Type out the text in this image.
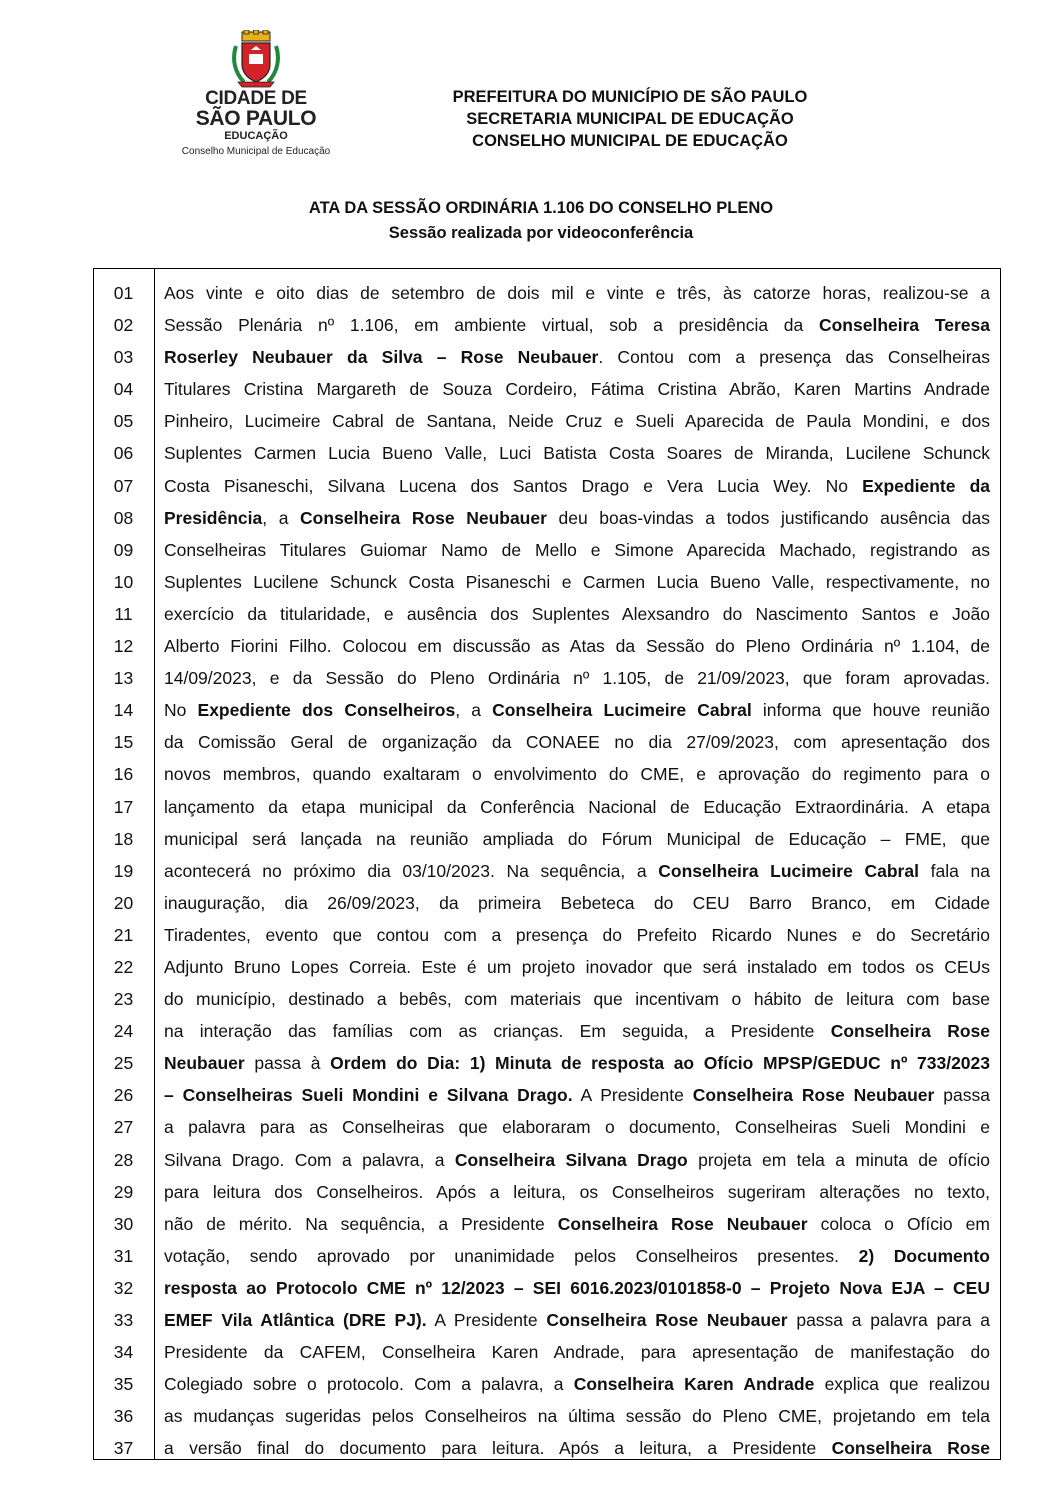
CIDADE DE
SÃO PAULO
EDUCAÇÃO
Conselho Municipal de Educação
PREFEITURA DO MUNICÍPIO DE SÃO PAULO
SECRETARIA MUNICIPAL DE EDUCAÇÃO
CONSELHO MUNICIPAL DE EDUCAÇÃO
ATA DA SESSÃO ORDINÁRIA 1.106 DO CONSELHO PLENO
Sessão realizada por videoconferência
01
02
03
04
05
06
07
08
09
10
11
12
13
14
15
16
17
18
19
20
21
22
23
24
25
26
27
28
29
30
31
32
33
34
35
36
37
Aos vinte e oito dias de setembro de dois mil e vinte e três, às catorze horas, realizou-se a
Sessão Plenária nº 1.106, em ambiente virtual, sob a presidência da Conselheira Teresa
Roserley Neubauer da Silva – Rose Neubauer. Contou com a presença das Conselheiras
Titulares Cristina Margareth de Souza Cordeiro, Fátima Cristina Abrão, Karen Martins Andrade
Pinheiro, Lucimeire Cabral de Santana, Neide Cruz e Sueli Aparecida de Paula Mondini, e dos
Suplentes Carmen Lucia Bueno Valle, Luci Batista Costa Soares de Miranda, Lucilene Schunck
Costa Pisaneschi, Silvana Lucena dos Santos Drago e Vera Lucia Wey. No Expediente da
Presidência, a Conselheira Rose Neubauer deu boas-vindas a todos justificando ausência das
Conselheiras Titulares Guiomar Namo de Mello e Simone Aparecida Machado, registrando as
Suplentes Lucilene Schunck Costa Pisaneschi e Carmen Lucia Bueno Valle, respectivamente, no
exercício da titularidade, e ausência dos Suplentes Alexsandro do Nascimento Santos e João
Alberto Fiorini Filho. Colocou em discussão as Atas da Sessão do Pleno Ordinária nº 1.104, de
14/09/2023, e da Sessão do Pleno Ordinária nº 1.105, de 21/09/2023, que foram aprovadas.
No Expediente dos Conselheiros, a Conselheira Lucimeire Cabral informa que houve reunião
da Comissão Geral de organização da CONAEE no dia 27/09/2023, com apresentação dos
novos membros, quando exaltaram o envolvimento do CME, e aprovação do regimento para o
lançamento da etapa municipal da Conferência Nacional de Educação Extraordinária. A etapa
municipal será lançada na reunião ampliada do Fórum Municipal de Educação – FME, que
acontecerá no próximo dia 03/10/2023. Na sequência, a Conselheira Lucimeire Cabral fala na
inauguração, dia 26/09/2023, da primeira Bebeteca do CEU Barro Branco, em Cidade
Tiradentes, evento que contou com a presença do Prefeito Ricardo Nunes e do Secretário
Adjunto Bruno Lopes Correia. Este é um projeto inovador que será instalado em todos os CEUs
do município, destinado a bebês, com materiais que incentivam o hábito de leitura com base
na interação das famílias com as crianças. Em seguida, a Presidente Conselheira Rose
Neubauer passa à Ordem do Dia: 1) Minuta de resposta ao Ofício MPSP/GEDUC nº 733/2023
– Conselheiras Sueli Mondini e Silvana Drago. A Presidente Conselheira Rose Neubauer passa
a palavra para as Conselheiras que elaboraram o documento, Conselheiras Sueli Mondini e
Silvana Drago. Com a palavra, a Conselheira Silvana Drago projeta em tela a minuta de ofício
para leitura dos Conselheiros. Após a leitura, os Conselheiros sugeriram alterações no texto,
não de mérito. Na sequência, a Presidente Conselheira Rose Neubauer coloca o Ofício em
votação, sendo aprovado por unanimidade pelos Conselheiros presentes. 2) Documento
resposta ao Protocolo CME nº 12/2023 – SEI 6016.2023/0101858-0 – Projeto Nova EJA – CEU
EMEF Vila Atlântica (DRE PJ). A Presidente Conselheira Rose Neubauer passa a palavra para a
Presidente da CAFEM, Conselheira Karen Andrade, para apresentação de manifestação do
Colegiado sobre o protocolo. Com a palavra, a Conselheira Karen Andrade explica que realizou
as mudanças sugeridas pelos Conselheiros na última sessão do Pleno CME, projetando em tela
a versão final do documento para leitura. Após a leitura, a Presidente Conselheira Rose
